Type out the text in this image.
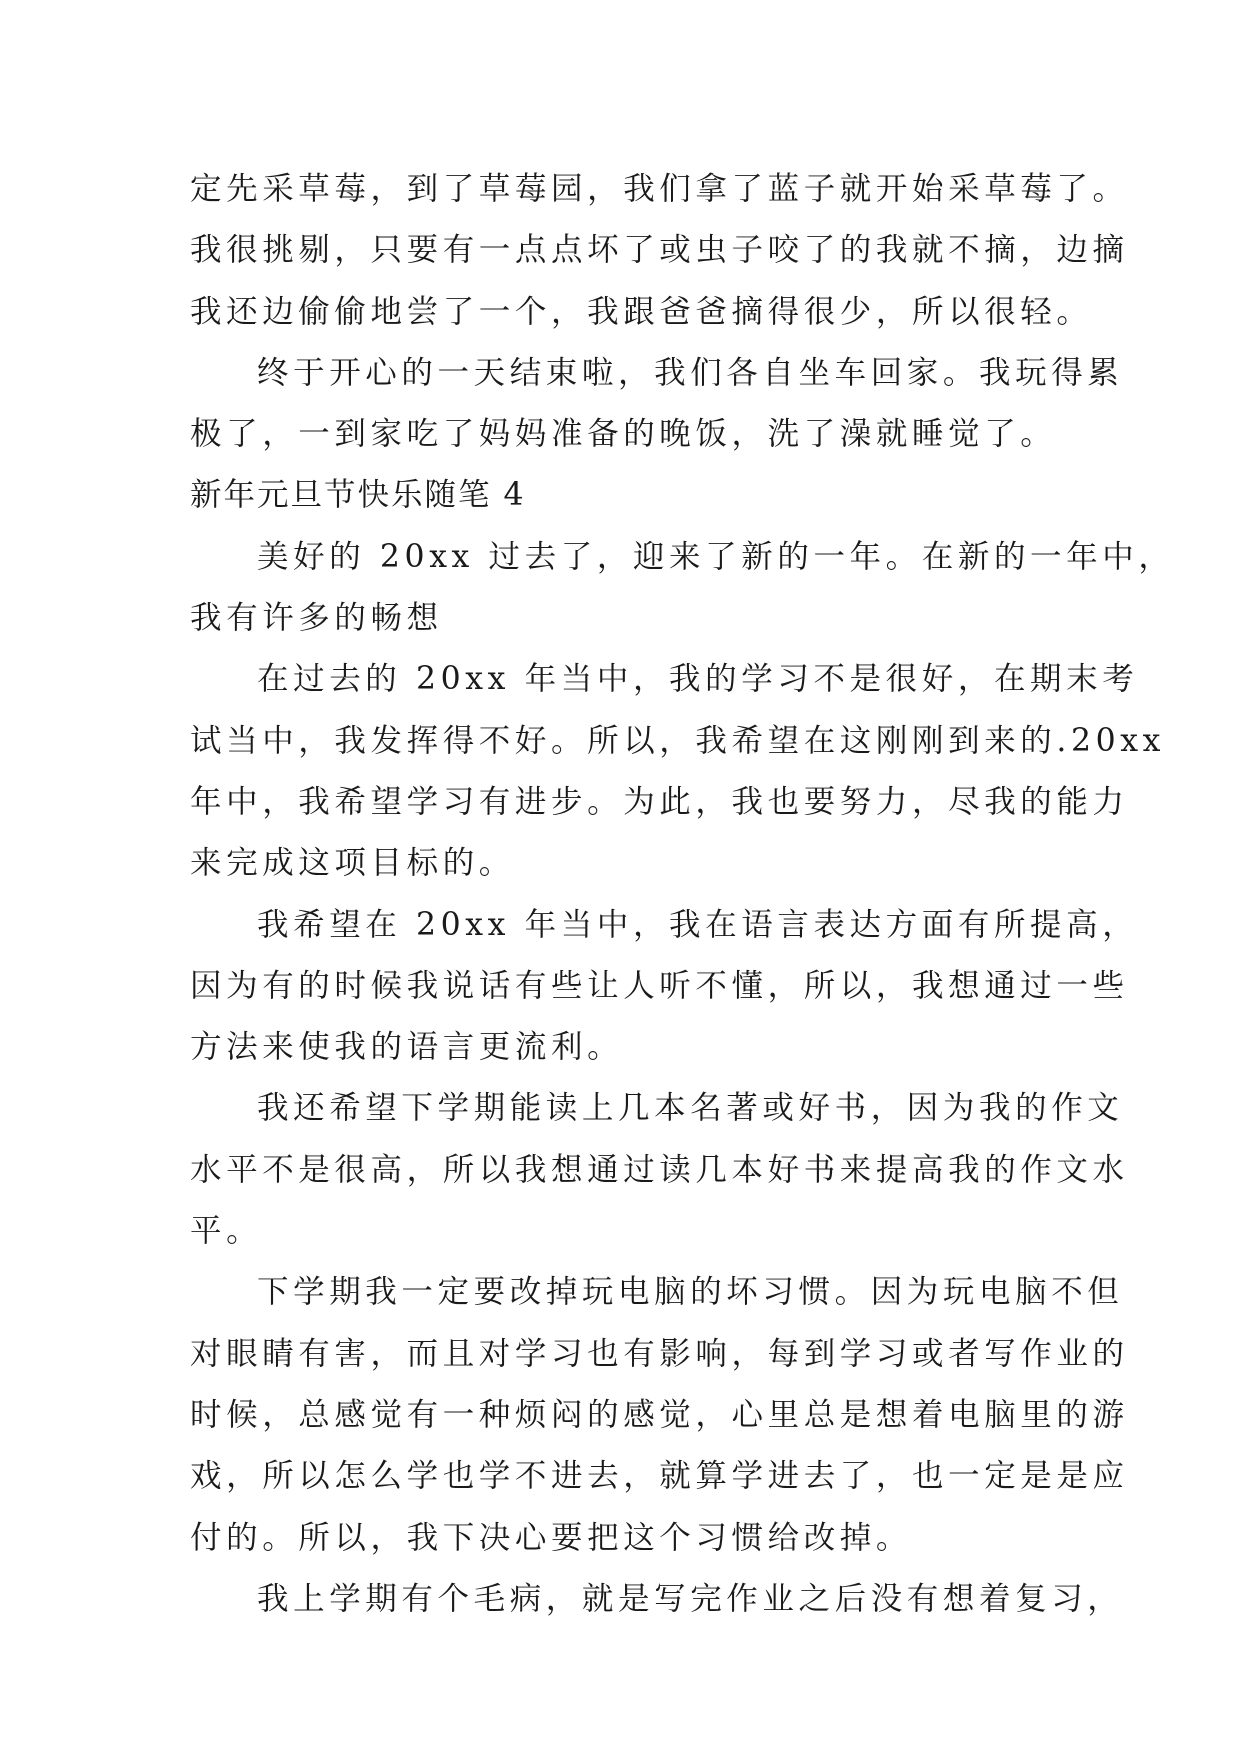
定先采草莓，到了草莓园，我们拿了蓝子就开始采草莓了。
我很挑剔，只要有一点点坏了或虫子咬了的我就不摘，边摘
我还边偷偷地尝了一个，我跟爸爸摘得很少，所以很轻。
终于开心的一天结束啦，我们各自坐车回家。我玩得累
极了，一到家吃了妈妈准备的晚饭，洗了澡就睡觉了。
新年元旦节快乐随笔 4
美好的 20xx 过去了，迎来了新的一年。在新的一年中，
我有许多的畅想
在过去的 20xx 年当中，我的学习不是很好，在期末考
试当中，我发挥得不好。所以，我希望在这刚刚到来的.20xx
年中，我希望学习有进步。为此，我也要努力，尽我的能力
来完成这项目标的。
我希望在 20xx 年当中，我在语言表达方面有所提高，
因为有的时候我说话有些让人听不懂，所以，我想通过一些
方法来使我的语言更流利。
我还希望下学期能读上几本名著或好书，因为我的作文
水平不是很高，所以我想通过读几本好书来提高我的作文水
平。
下学期我一定要改掉玩电脑的坏习惯。因为玩电脑不但
对眼睛有害，而且对学习也有影响，每到学习或者写作业的
时候，总感觉有一种烦闷的感觉，心里总是想着电脑里的游
戏，所以怎么学也学不进去，就算学进去了，也一定是是应
付的。所以，我下决心要把这个习惯给改掉。
我上学期有个毛病，就是写完作业之后没有想着复习，
